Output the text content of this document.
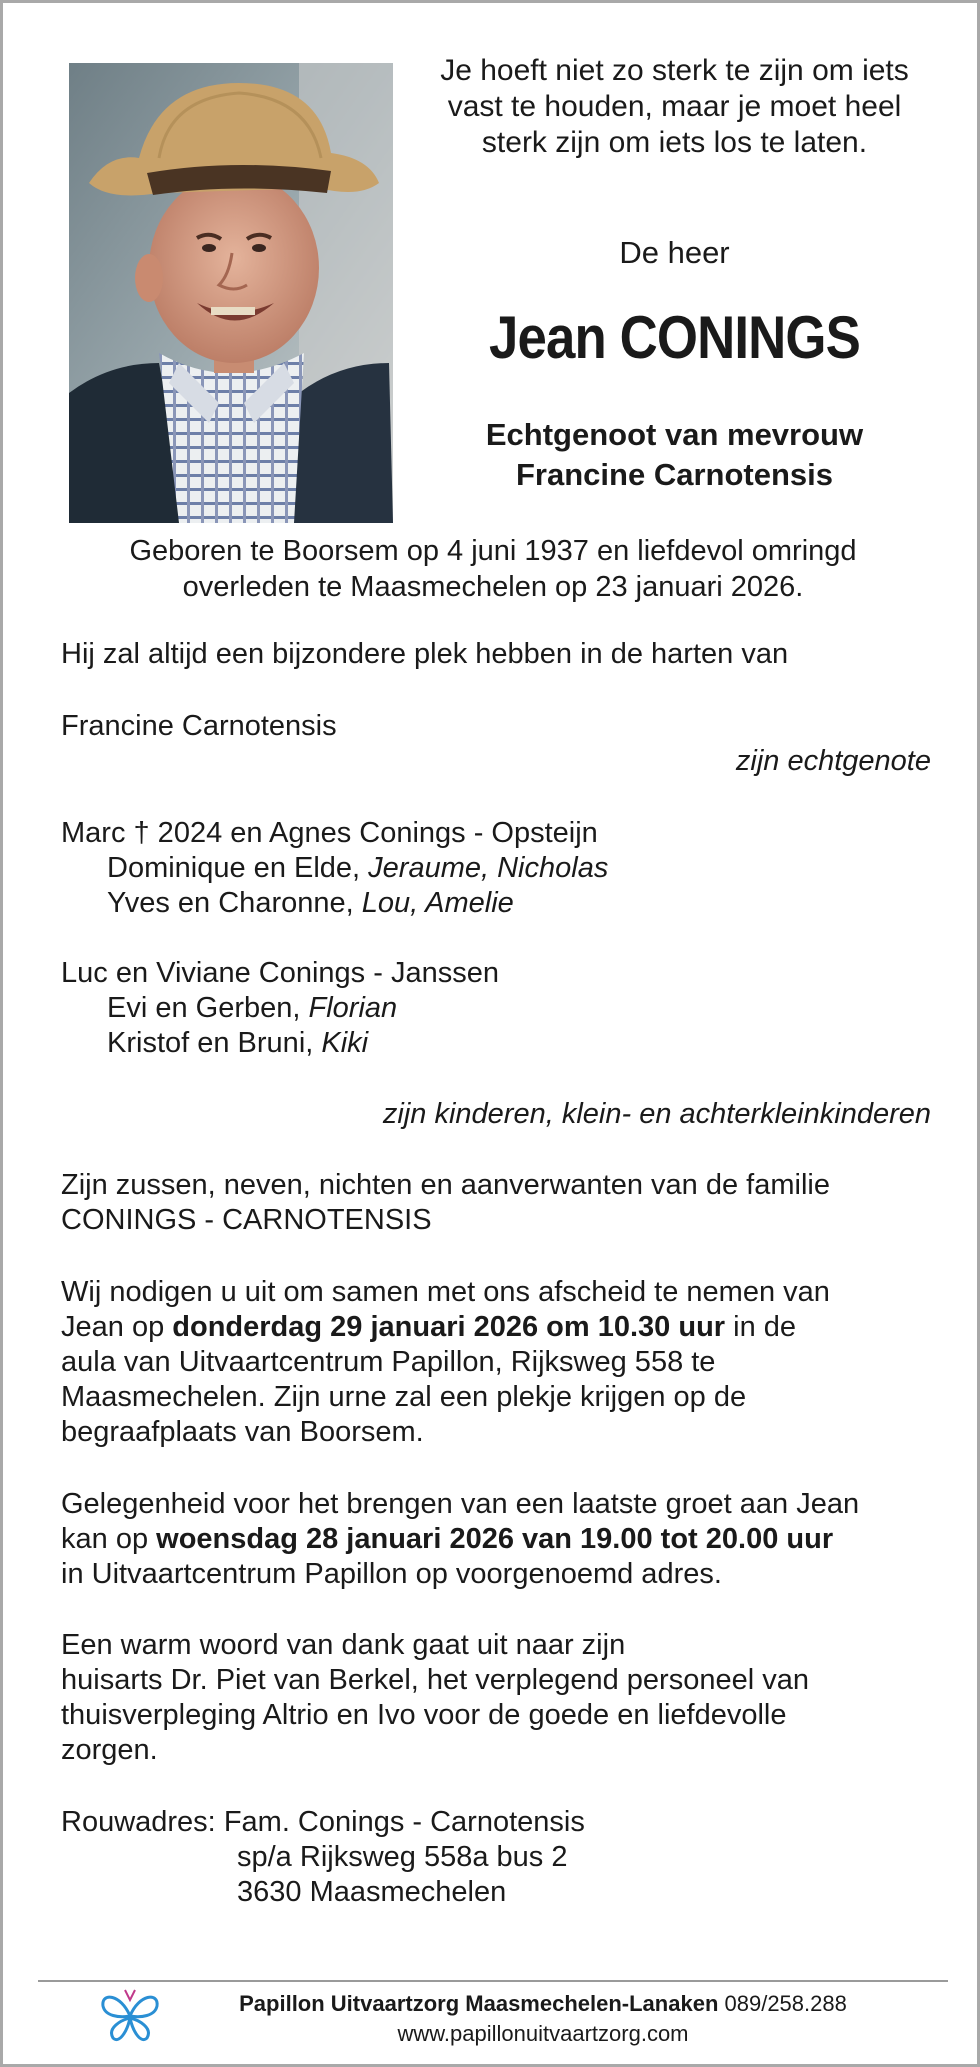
Je hoeft niet zo sterk te zijn om iets
vast te houden, maar je moet heel
sterk zijn om iets los te laten.
De heer
Jean CONINGS
Echtgenoot van mevrouw
Francine Carnotensis
Geboren te Boorsem op 4 juni 1937 en liefdevol omringd
overleden te Maasmechelen op 23 januari 2026.
Hij zal altijd een bijzondere plek hebben in de harten van
Francine Carnotensis
zijn echtgenote
Marc † 2024 en Agnes Conings - Opsteijn
Dominique en Elde, Jeraume, Nicholas
Yves en Charonne, Lou, Amelie
Luc en Viviane Conings - Janssen
Evi en Gerben, Florian
Kristof en Bruni, Kiki
zijn kinderen, klein- en achterkleinkinderen
Zijn zussen, neven, nichten en aanverwanten van de familie
CONINGS - CARNOTENSIS
Wij nodigen u uit om samen met ons afscheid te nemen van
Jean op donderdag 29 januari 2026 om 10.30 uur in de
aula van Uitvaartcentrum Papillon, Rijksweg 558 te
Maasmechelen. Zijn urne zal een plekje krijgen op de
begraafplaats van Boorsem.
Gelegenheid voor het brengen van een laatste groet aan Jean
kan op woensdag 28 januari 2026 van 19.00 tot 20.00 uur
in Uitvaartcentrum Papillon op voorgenoemd adres.
Een warm woord van dank gaat uit naar zijn
huisarts Dr. Piet van Berkel, het verplegend personeel van
thuisverpleging Altrio en Ivo voor de goede en liefdevolle
zorgen.
Rouwadres: Fam. Conings - Carnotensis
sp/a Rijksweg 558a bus 2
3630 Maasmechelen
Papillon Uitvaartzorg Maasmechelen-Lanaken 089/258.288
www.papillonuitvaartzorg.com
